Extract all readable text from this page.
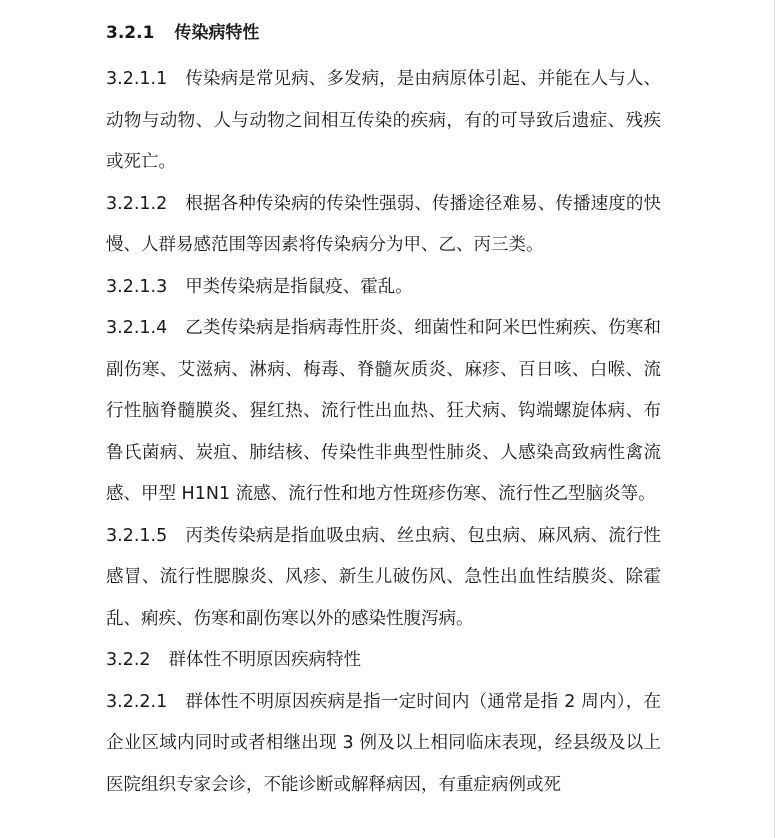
3.2.1 传染病特性

3.2.1.1 传染病是常见病、多发病，是由病原体引起、并能在人与人、动物与动物、人与动物之间相互传染的疾病，有的可导致后遗症、残疾或死亡。

3.2.1.2 根据各种传染病的传染性强弱、传播途径难易、传播速度的快慢、人群易感范围等因素将传染病分为甲、乙、丙三类。

3.2.1.3 甲类传染病是指鼠疫、霍乱。

3.2.1.4 乙类传染病是指病毒性肝炎、细菌性和阿米巴性痢疾、伤寒和副伤寒、艾滋病、淋病、梅毒、脊髓灰质炎、麻疹、百日咳、白喉、流行性脑脊髓膜炎、猩红热、流行性出血热、狂犬病、钩端螺旋体病、布鲁氏菌病、炭疽、肺结核、传染性非典型性肺炎、人感染高致病性禽流感、甲型 H1N1 流感、流行性和地方性斑疹伤寒、流行性乙型脑炎等。

3.2.1.5 丙类传染病是指血吸虫病、丝虫病、包虫病、麻风病、流行性感冒、流行性腮腺炎、风疹、新生儿破伤风、急性出血性结膜炎、除霍乱、痢疾、伤寒和副伤寒以外的感染性腹泻病。

3.2.2 群体性不明原因疾病特性

3.2.2.1 群体性不明原因疾病是指一定时间内（通常是指 2 周内），在企业区域内同时或者相继出现 3 例及以上相同临床表现，经县级及以上医院组织专家会诊，不能诊断或解释病因，有重症病例或死
